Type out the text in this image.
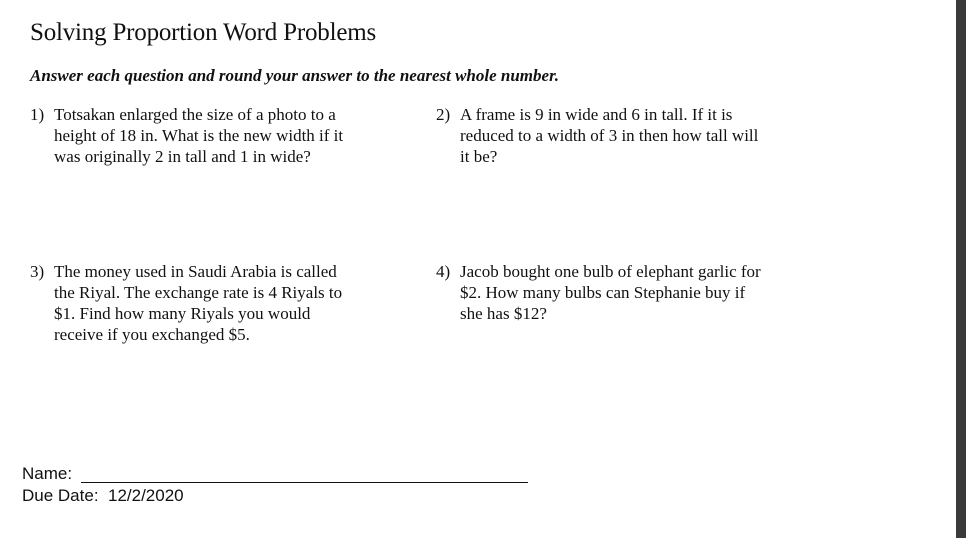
Solving Proportion Word Problems
Answer each question and round your answer to the nearest whole number.
1) Totsakan enlarged the size of a photo to a
height of 18 in. What is the new width if it
was originally 2 in tall and 1 in wide?
2) A frame is 9 in wide and 6 in tall. If it is
reduced to a width of 3 in then how tall will
it be?
3) The money used in Saudi Arabia is called
the Riyal. The exchange rate is 4 Riyals to
$1. Find how many Riyals you would
receive if you exchanged $5.
4) Jacob bought one bulb of elephant garlic for
$2. How many bulbs can Stephanie buy if
she has $12?
Name:
Due Date: 12/2/2020
